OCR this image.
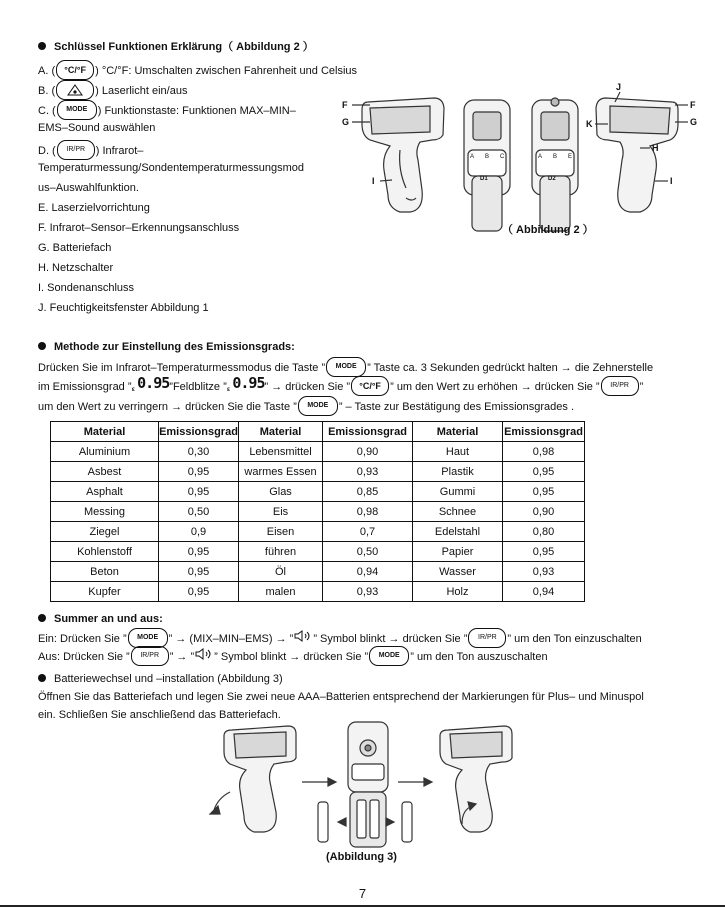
Schlüssel Funktionen Erklärung（ Abbildung 2 ）
A. ( °C/°F ) °C/°F: Umschalten zwischen Fahrenheit und Celsius
B. (	) Laserlicht ein/aus
C. ( MODE ) Funktionstaste: Funktionen MAX–MIN–
EMS–Sound auswählen
D. ( IR/PR ) Infrarot–
Temperaturmessung/Sondentemperaturmessungsmod
us–Auswahlfunktion.
E. Laserzielvorrichtung
F. Infrarot–Sensor–Erkennungsanschluss
G. Batteriefach
H. Netzschalter
I. Sondenanschluss
J. Feuchtigkeitsfenster Abbildung 1
F
G
I
F
G
J
K
H
I
A B C
D1
A B E
D2
（ Abbildung 2 ）
Methode zur Einstellung des Emissionsgrads:
Drücken Sie im Infrarot–Temperaturmessmodus die Taste ” MODE ” Taste ca. 3 Sekunden gedrückt halten → die Zehnerstelle
im Emissionsgrad $”_\varepsilon$ 0.95”Feldblitze $”_\varepsilon$ 0.95” → drücken Sie ” °C/°F ” um den Wert zu erhöhen → drücken Sie ” IR/PR ”
um den Wert zu verringern → drücken Sie die Taste ” MODE ” – Taste zur Bestätigung des Emissionsgrades .
Material	Emissionsgrad	Material	Emissionsgrad	Material	Emissionsgrad
Aluminium	0,30	Lebensmittel	0,90	Haut	0,98
Asbest	0,95	warmes Essen	0,93	Plastik	0,95
Asphalt	0,95	Glas	0,85	Gummi	0,95
Messing	0,50	Eis	0,98	Schnee	0,90
Ziegel	0,9	Eisen	0,7	Edelstahl	0,80
Kohlenstoff	0,95	führen	0,50	Papier	0,95
Beton	0,95	Öl	0,94	Wasser	0,93
Kupfer	0,95	malen	0,93	Holz	0,94
Summer an und aus:
Ein: Drücken Sie ” MODE ” → (MIX–MIN–EMS) → ” ” Symbol blinkt → drücken Sie ” IR/PR ” um den Ton einzuschalten
Aus: Drücken Sie ” IR/PR ” → ” ” Symbol blinkt → drücken Sie ” MODE ” um den Ton auszuschalten
Batteriewechsel und –installation (Abbildung 3)
Öffnen Sie das Batteriefach und legen Sie zwei neue AAA–Batterien entsprechend der Markierungen für Plus– und Minuspol
ein. Schließen Sie anschließend das Batteriefach.
(Abbildung 3)
7
